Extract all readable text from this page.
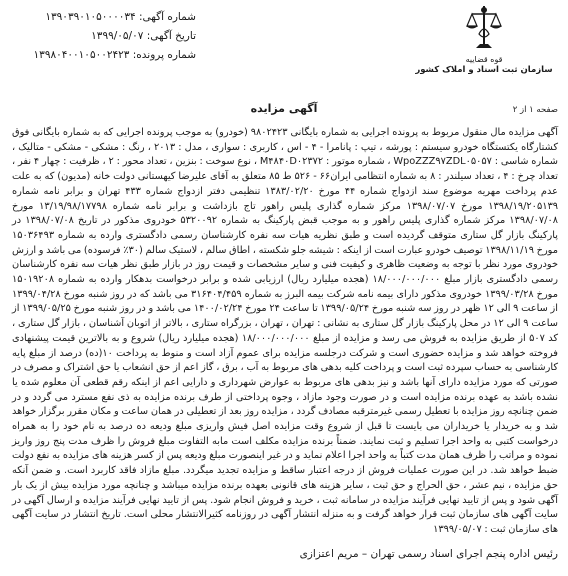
شماره آگهی: ۱۳۹۰۳۹۰۱۰۵۰۰۰۰۳۴
تاریخ آگهی: ۱۳۹۹/۰۵/۰۷
شماره پرونده: ۱۳۹۸۰۴۰۰۱۰۵۰۰۲۴۲۳	قوه قضاییه
سازمان ثبت اسناد و املاک کشور
صفحه ۱ از ۲
آگهی مزایده
آگهی مزایده مال منقول مربوط به پرونده اجرایی به شماره بایگانی ۹۸۰۲۴۲۳ (خودرو) به موجب پرونده اجرایی که به شماره بایگانی فوق کشتارگاه یکتستگاه خودرو سیستم : پورشه ، تیپ : پانامرا - ۴ - اس ، کاربری : سواری ، مدل : ۲۰۱۳ ، رنگ : مشکی - مشکی - متالیک ، شماره شاسی : WpoZZZ۹۷ZDL۰۵۰۵۷ ، شماره موتور : M۴۸۴۰D۰۲۳۷۲ ، نوع سوخت : بنزین ، تعداد محور : ۲ ، ظرفیت : چهار ۴ نفر ، تعداد چرخ : ۴ ، تعداد سیلندر : ۸ به شماره انتظامی ایران۶۶ - ۵۲۶ ط ۸۵ متعلق به آقای علیرضا کیهستانی دولت خانه (مدیون) که به علت عدم پرداخت مهریه موضوع سند ازدواج شماره ۴۴ مورخ ۱۳۸۳/۰۲/۲۰ تنظیمی دفتر ازدواج شماره ۴۳۳ تهران و برابر نامه شماره ۱۳۹۸/۱۹/۲۰۵۱۳۹ مورخ ۱۳۹۸/۰۷/۰۷ مرکز شماره گذاری پلیس راهور تاج بازداشت و برابر نامه شماره ۱۳/۱۹/۹۸/۱۷۷۹۸ مورخ ۱۳۹۸/۰۷/۰۸ مرکز شماره گذاری پلیس راهور و به موجب قبض پارکینگ به شماره ۵۳۲۰۰۹۲ خودروی مذکور در تاریخ ۱۳۹۸/۰۷/۰۸ در پارکینگ بازار گل ستاری متوقف گردیده است و طبق نظریه هیات سه نفره کارشناسان رسمی دادگستری وارده به شماره ۱۵۰۳۶۴۹۳ مورخ ۱۳۹۸/۱۱/۱۹ توصیف خودرو عبارت است از اینکه : شیشه جلو شکسته ، اطاق سالم ، لاستیک سالم (۳۰٪ فرسوده) می باشد و ارزش خودروی مورد نظر با توجه به وضعیت ظاهری و کیفیت فنی و سایر مشخصات و قیمت روز در بازار طبق نظر هیات سه نفره کارشناسان رسمی دادگستری بازار مبلغ ۱۸/۰۰۰/۰۰۰/۰۰۰ (هجده میلیارد ریال) ارزیابی شده و برابر درخواست بدهکار وارده به شماره ۱۵۰۱۹۲۰۸ مورخ ۱۳۹۹/۰۳/۲۸ خودروی مذکور دارای بیمه نامه شرکت بیمه البرز به شماره ۳۱۶۴۰۴/۴۵۹ می باشد که در روز شنبه مورخ ۱۳۹۹/۰۴/۲۸ از ساعت ۹ الی ۱۲ ظهر در روز سه شنبه مورخ ۱۳۹۹/۰۵/۲۴ تا ساعت ۲۴ مورخ ۱۴۰۰/۰۲/۲۴ می باشد و در روز شنبه مورخ ۱۳۹۹/۰۵/۲۵ از ساعت ۹ الی ۱۲ در محل پارکینگ بازار گل ستاری به نشانی : تهران ، تهران ، بزرگراه ستاری ، بالاتر از اتوبان آشناسان ، بازار گل ستاری ، کد ۵۰۷ از طریق مزایده به فروش می رسد و مزایده از مبلغ ۱۸/۰۰۰/۰۰۰/۰۰۰ (هجده میلیارد ریال) شروع و به بالاترین قیمت پیشنهادی فروخته خواهد شد و مزایده حضوری است و شرکت درجلسه مزایده برای عموم آزاد است و منوط به پرداخت ۱۰(ده) درصد از مبلغ پایه کارشناسی به حساب سپرده ثبت است و پرداخت کلیه بدهی های مربوط به آب ، برق ، گاز اعم از حق انشعاب یا حق اشتراک و مصرف در صورتی که مورد مزایده دارای آنها باشد و نیز بدهی های مربوط به عوارض شهرداری و دارایی اعم از اینکه رقم قطعی آن معلوم شده یا نشده باشد به عهده برنده مزایده است و در صورت وجود مازاد ، وجوه پرداختی از طرف برنده مزایده به ذی نفع مسترد می گردد و در ضمن چنانچه روز مزایده با تعطیل رسمی غیرمترقبه مصادف گردد ، مزایده روز بعد از تعطیلی در همان ساعت و مکان مقرر برگزار خواهد شد و به خریدار یا خریداران می بایست تا قبل از شروع وقت مزایده اصل فیش واریزی مبلغ ودیعه ده درصد به نام خود را به همراه درخواست کتبی به واحد اجرا تسلیم و ثبت نمایند. ضمناً برنده مزایده مکلف است مابه التفاوت مبلغ فروش را ظرف مدت پنج روز واریز نموده و مراتب را ظرف همان مدت کتباً به واحد اجرا اعلام نماید و در غیر اینصورت مبلغ ودیعه پس از کسر هزینه های مزایده به نفع دولت ضبط خواهد شد. در این صورت عملیات فروش از درجه اعتبار ساقط و مزایده تجدید میگردد. مبلغ مازاد فاقد کاربرد است. و ضمن آنکه حق مزایده ، نیم عشر ، حق الحراج و حق ثبت ، سایر هزینه های قانونی بعهده برنده مزایده میباشد و چنانچه مورد مزایده بیش از یک بار آگهی شود و پس از تایید نهایی فرآیند مزایده در سامانه ثبت ، خرید و فروش انجام شود. پس از تایید نهایی فرآیند مزایده و ارسال آگهی در سایت آگهی های سازمان ثبت قرار خواهد گرفت و به منزله انتشار آگهی در روزنامه کثیرالانتشار محلی است. تاریخ انتشار در سایت آگهی های سازمان ثبت : ۱۳۹۹/۰۵/۰۷
رئیس اداره پنجم اجرای اسناد رسمی تهران – مریم اعتزازی
